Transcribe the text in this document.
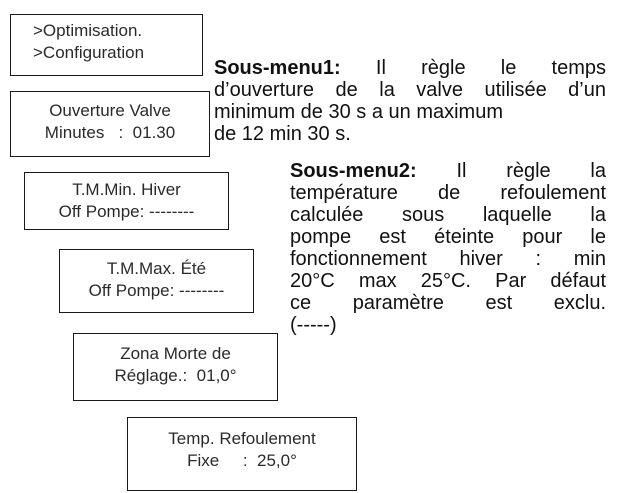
>Optimisation.
>Configuration
Ouverture Valve
Minutes   :  01.30
T.M.Min. Hiver
Off Pompe: --------
T.M.Max. Été
Off Pompe: --------
Zona Morte de
Réglage.:  01,0°
Temp. Refoulement
Fixe     :  25,0°
Sous-menu1: Il règle le temps
d’ouverture de la valve utilisée d’un
minimum de 30 s a un maximum
de 12 min 30 s.
Sous-menu2: Il règle la
température de refoulement
calculée sous laquelle la
pompe est éteinte pour le
fonctionnement hiver : min
20°C max 25°C. Par défaut
ce paramètre est exclu.
(-----)
